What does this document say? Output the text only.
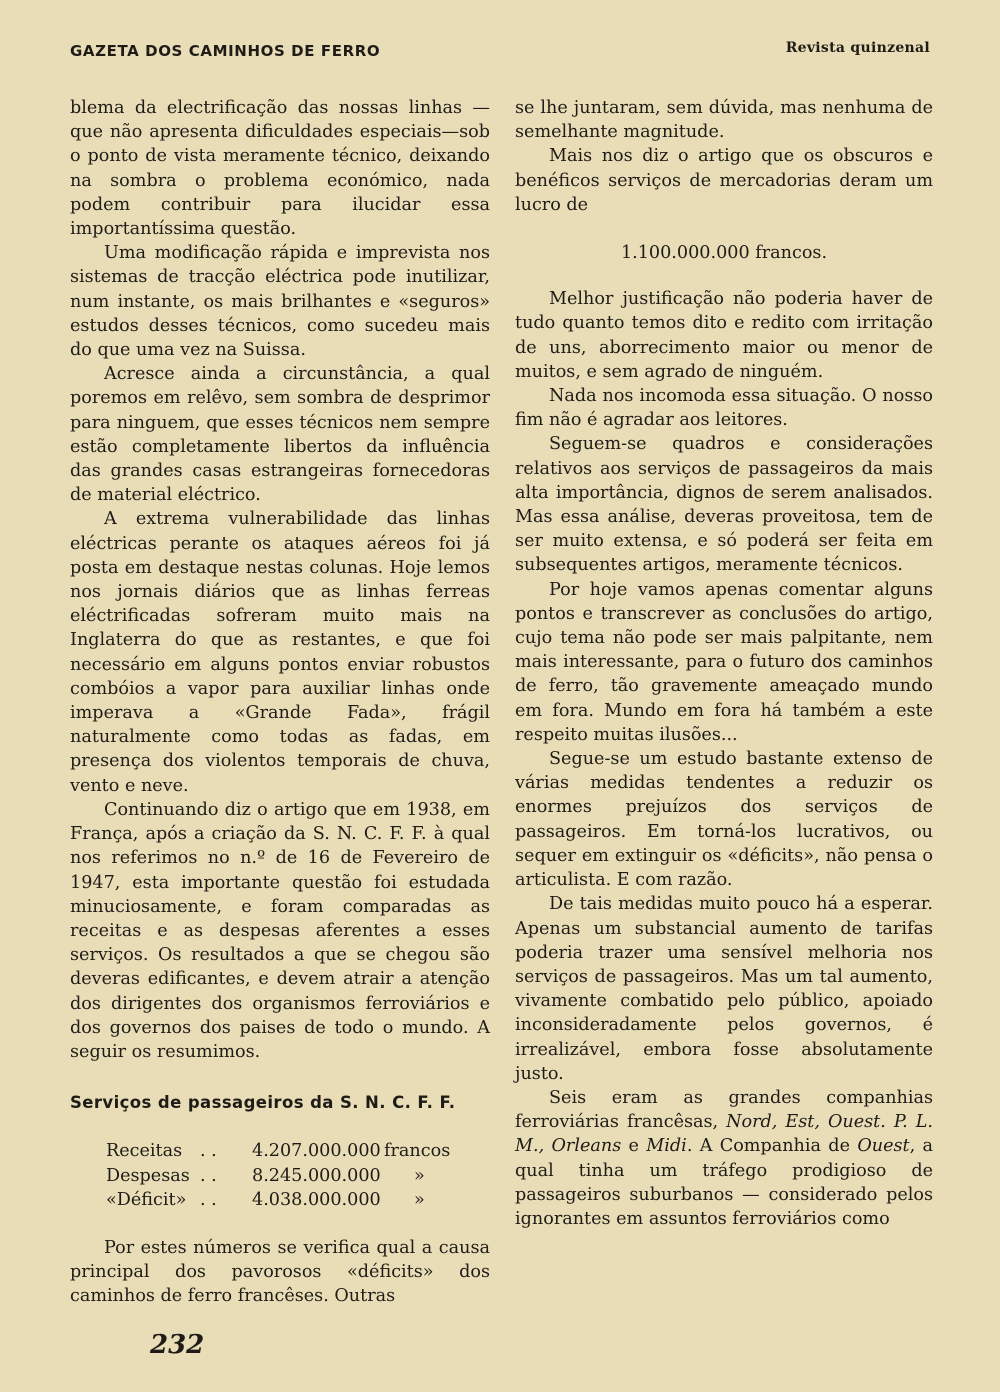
GAZETA DOS CAMINHOS DE FERRO	Revista quinzenal

blema da electrificação das nossas linhas —que não apresenta dificuldades especiais—sob o ponto de vista meramente técnico, deixando na sombra o problema económico, nada podem contribuir para ilucidar essa importantíssima questão.

Uma modificação rápida e imprevista nos sistemas de tracção eléctrica pode inutilizar, num instante, os mais brilhantes e «seguros» estudos desses técnicos, como sucedeu mais do que uma vez na Suissa.

Acresce ainda a circunstância, a qual poremos em relêvo, sem sombra de desprimor para ninguem, que esses técnicos nem sempre estão completamente libertos da influência das grandes casas estrangeiras fornecedoras de material eléctrico.

A extrema vulnerabilidade das linhas eléctricas perante os ataques aéreos foi já posta em destaque nestas colunas. Hoje lemos nos jornais diários que as linhas ferreas eléctrificadas sofreram muito mais na Inglaterra do que as restantes, e que foi necessário em alguns pontos enviar robustos combóios a vapor para auxiliar linhas onde imperava a «Grande Fada», frágil naturalmente como todas as fadas, em presença dos violentos temporais de chuva, vento e neve.

Continuando diz o artigo que em 1938, em França, após a criação da S. N. C. F. F. à qual nos referimos no n.º de 16 de Fevereiro de 1947, esta importante questão foi estudada minuciosamente, e foram comparadas as receitas e as despesas aferentes a esses serviços. Os resultados a que se chegou são deveras edificantes, e devem atrair a atenção dos dirigentes dos organismos ferroviários e dos governos dos paises de todo o mundo. A seguir os resumimos.

Serviços de passageiros da S. N. C. F. F.
Receitas	. .	4.207.000.000	francos
Despesas	. .	8.245.000.000	»
«Déficit»	. .	4.038.000.000	»

Por estes números se verifica qual a causa principal dos pavorosos «déficits» dos caminhos de ferro francêses. Outras

se lhe juntaram, sem dúvida, mas nenhuma de semelhante magnitude.

Mais nos diz o artigo que os obscuros e benéficos serviços de mercadorias deram um lucro de

1.100.000.000 francos.

Melhor justificação não poderia haver de tudo quanto temos dito e redito com irritação de uns, aborrecimento maior ou menor de muitos, e sem agrado de ninguém.

Nada nos incomoda essa situação. O nosso fim não é agradar aos leitores.

Seguem-se quadros e considerações relativos aos serviços de passageiros da mais alta importância, dignos de serem analisados. Mas essa análise, deveras proveitosa, tem de ser muito extensa, e só poderá ser feita em subsequentes artigos, meramente técnicos.

Por hoje vamos apenas comentar alguns pontos e transcrever as conclusões do artigo, cujo tema não pode ser mais palpitante, nem mais interessante, para o futuro dos caminhos de ferro, tão gravemente ameaçado mundo em fora. Mundo em fora há também a este respeito muitas ilusões...

Segue-se um estudo bastante extenso de várias medidas tendentes a reduzir os enormes prejuízos dos serviços de passageiros. Em torná-los lucrativos, ou sequer em extinguir os «déficits», não pensa o articulista. E com razão.

De tais medidas muito pouco há a esperar. Apenas um substancial aumento de tarifas poderia trazer uma sensível melhoria nos serviços de passageiros. Mas um tal aumento, vivamente combatido pelo público, apoiado inconsideradamente pelos governos, é irrealizável, embora fosse absolutamente justo.

Seis eram as grandes companhias ferroviárias francêsas, Nord, Est, Ouest. P. L. M., Orleans e Midi. A Companhia de Ouest, a qual tinha um tráfego prodigioso de passageiros suburbanos — considerado pelos ignorantes em assuntos ferroviários como

232
